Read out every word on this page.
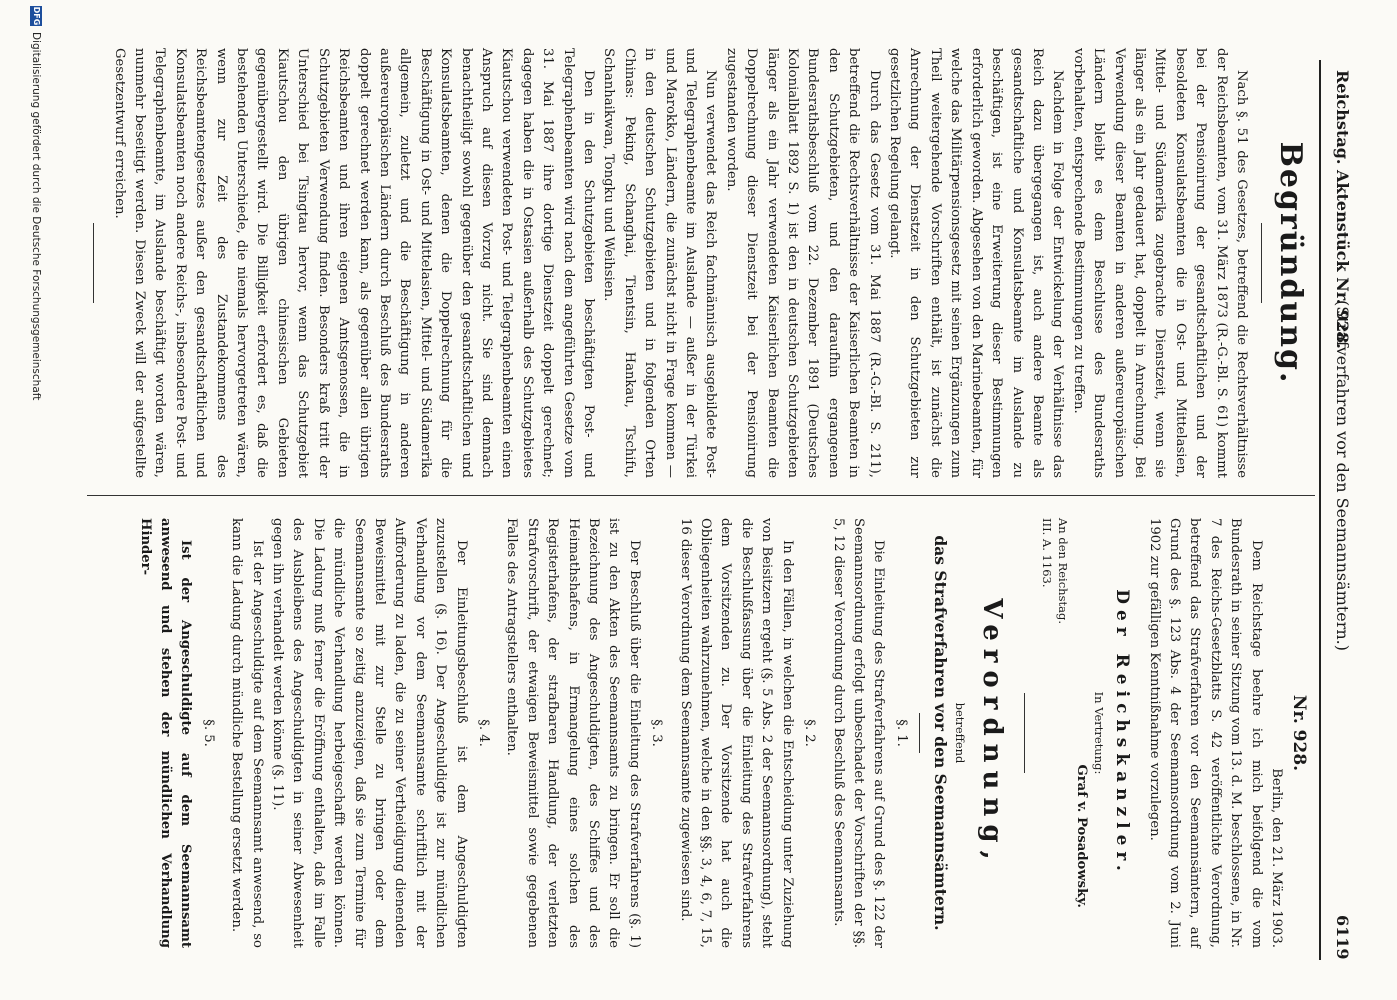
Reichstag. Aktenstück Nr. 928.
(Strafverfahren vor den Seemannsämtern.)
6119
Begründung.

Nach §. 51 des Gesetzes, betreffend die Rechtsverhältnisse der Reichsbeamten, vom 31. März 1873 (R.-G.-Bl. S. 61) kommt bei der Pensionirung der gesandtschaftlichen und der besoldeten Konsulatsbeamten die in Ost- und Mittelasien, Mittel- und Südamerika zugebrachte Dienstzeit, wenn sie länger als ein Jahr gedauert hat, doppelt in Anrechnung. Bei Verwendung dieser Beamten in anderen außereuropäischen Ländern bleibt es dem Beschlusse des Bundesraths vorbehalten, entsprechende Bestimmungen zu treffen.

Nachdem in Folge der Entwickelung der Verhältnisse das Reich dazu übergegangen ist, auch andere Beamte als gesandtschaftliche und Konsulatsbeamte im Auslande zu beschäftigen, ist eine Erweiterung dieser Bestimmungen erforderlich geworden. Abgesehen von den Marinebeamten, für welche das Militärpensionsgesetz mit seinen Ergänzungen zum Theil weitergehende Vorschriften enthält, ist zunächst die Anrechnung der Dienstzeit in den Schutzgebieten zur gesetzlichen Regelung gelangt.

Durch das Gesetz vom 31. Mai 1887 (R.-G.-Bl. S. 211), betreffend die Rechtsverhältnisse der Kaiserlichen Beamten in den Schutzgebieten, und den daraufhin ergangenen Bundesrathsbeschluß vom 22. Dezember 1891 (Deutsches Kolonialblatt 1892 S. 1) ist den in deutschen Schutzgebieten länger als ein Jahr verwendeten Kaiserlichen Beamten die Doppelrechnung dieser Dienstzeit bei der Pensionirung zugestanden worden.

Nun verwendet das Reich fachmännisch ausgebildete Post- und Telegraphenbeamte im Auslande — außer in der Türkei und Marokko, Ländern, die zunächst nicht in Frage kommen — in den deutschen Schutzgebieten und in folgenden Orten Chinas: Peking, Schanghai, Tientsin, Hankau, Tschifu, Schanhaikwan, Tongku und Weihsien.

Den in den Schutzgebieten beschäftigten Post- und Telegraphenbeamten wird nach dem angeführten Gesetze vom 31. Mai 1887 ihre dortige Dienstzeit doppelt gerechnet; dagegen haben die in Ostasien außerhalb des Schutzgebietes Kiautschou verwendeten Post- und Telegraphenbeamten einen Anspruch auf diesen Vorzug nicht. Sie sind demnach benachtheiligt sowohl gegenüber den gesandtschaftlichen und Konsulatsbeamten, denen die Doppelrechnung für die Beschäftigung in Ost- und Mittelasien, Mittel- und Südamerika allgemein, zuletzt und die Beschäftigung in anderen außereuropäischen Ländern durch Beschluß des Bundesraths doppelt gerechnet werden kann, als gegenüber allen übrigen Reichsbeamten und ihren eigenen Amtsgenossen, die in Schutzgebieten Verwendung finden. Besonders kraß tritt der Unterschied bei Tsingtau hervor, wenn das Schutzgebiet Kiautschou den übrigen chinesischen Gebieten gegenübergestellt wird. Die Billigkeit erfordert es, daß die bestehenden Unterschiede, die niemals hervorgetreten wären, wenn zur Zeit des Zustandekommens des Reichsbeamtengesetzes außer den gesandtschaftlichen und Konsulatsbeamten noch andere Reichs-, insbesondere Post- und Telegraphenbeamte, im Auslande beschäftigt worden wären, nunmehr beseitigt werden. Diesen Zweck will der aufgestellte Gesetzentwurf erreichen.

Nr. 928.
Berlin, den 21. März 1903.

Dem Reichstage beehre ich mich beifolgend die vom Bundesrath in seiner Sitzung vom 13. d. M. beschlossene, in Nr. 7 des Reichs-Gesetzblatts S. 42 veröffentlichte Verordnung, betreffend das Strafverfahren vor den Seemannsämtern, auf Grund des §. 123 Abs. 4 der Seemannsordnung vom 2. Juni 1902 zur gefälligen Kenntnißnahme vorzulegen.

Der Reichskanzler.
In Vertretung:
Graf v. Posadowsky.
An den Reichstag.
III. A. 1163.
Verordnung,
betreffend
das Strafverfahren vor den Seemannsämtern.
§. 1.

Die Einleitung des Strafverfahrens auf Grund des §. 122 der Seemannsordnung erfolgt unbeschadet der Vorschriften der §§. 5, 12 dieser Verordnung durch Beschluß des Seemannsamts.

§. 2.

In den Fällen, in welchen die Entscheidung unter Zuziehung von Beisitzern ergeht (§. 5 Abs. 2 der Seemannsordnung), steht die Beschlußfassung über die Einleitung des Strafverfahrens dem Vorsitzenden zu. Der Vorsitzende hat auch die Obliegenheiten wahrzunehmen, welche in den §§. 3, 4, 6, 7, 15, 16 dieser Verordnung dem Seemannsamte zugewiesen sind.

§. 3.

Der Beschluß über die Einleitung des Strafverfahrens (§. 1) ist zu den Akten des Seemannsamts zu bringen. Er soll die Bezeichnung des Angeschuldigten, des Schiffes und des Heimathshafens, in Ermangelung eines solchen des Registerhafens, der strafbaren Handlung, der verletzten Strafvorschrift, der etwaigen Beweismittel sowie gegebenen Falles des Antragstellers enthalten.

§. 4.

Der Einleitungsbeschluß ist dem Angeschuldigten zuzustellen (§. 16). Der Angeschuldigte ist zur mündlichen Verhandlung vor dem Seemannsamte schriftlich mit der Aufforderung zu laden, die zu seiner Vertheidigung dienenden Beweismittel mit zur Stelle zu bringen oder dem Seemannsamte so zeitig anzuzeigen, daß sie zum Termine für die mündliche Verhandlung herbeigeschafft werden können. Die Ladung muß ferner die Eröffnung enthalten, daß im Falle des Ausbleibens des Angeschuldigten in seiner Abwesenheit gegen ihn verhandelt werden könne (§. 11).

Ist der Angeschuldigte auf dem Seemannsamt anwesend, so kann die Ladung durch mündliche Bestellung ersetzt werden.

§. 5.

Ist der Angeschuldigte auf dem Seemannsamt anwesend und stehen der mündlichen Verhandlung Hinder-

DFGDigitalisierung gefördert durch die Deutsche Forschungsgemeinschaft
